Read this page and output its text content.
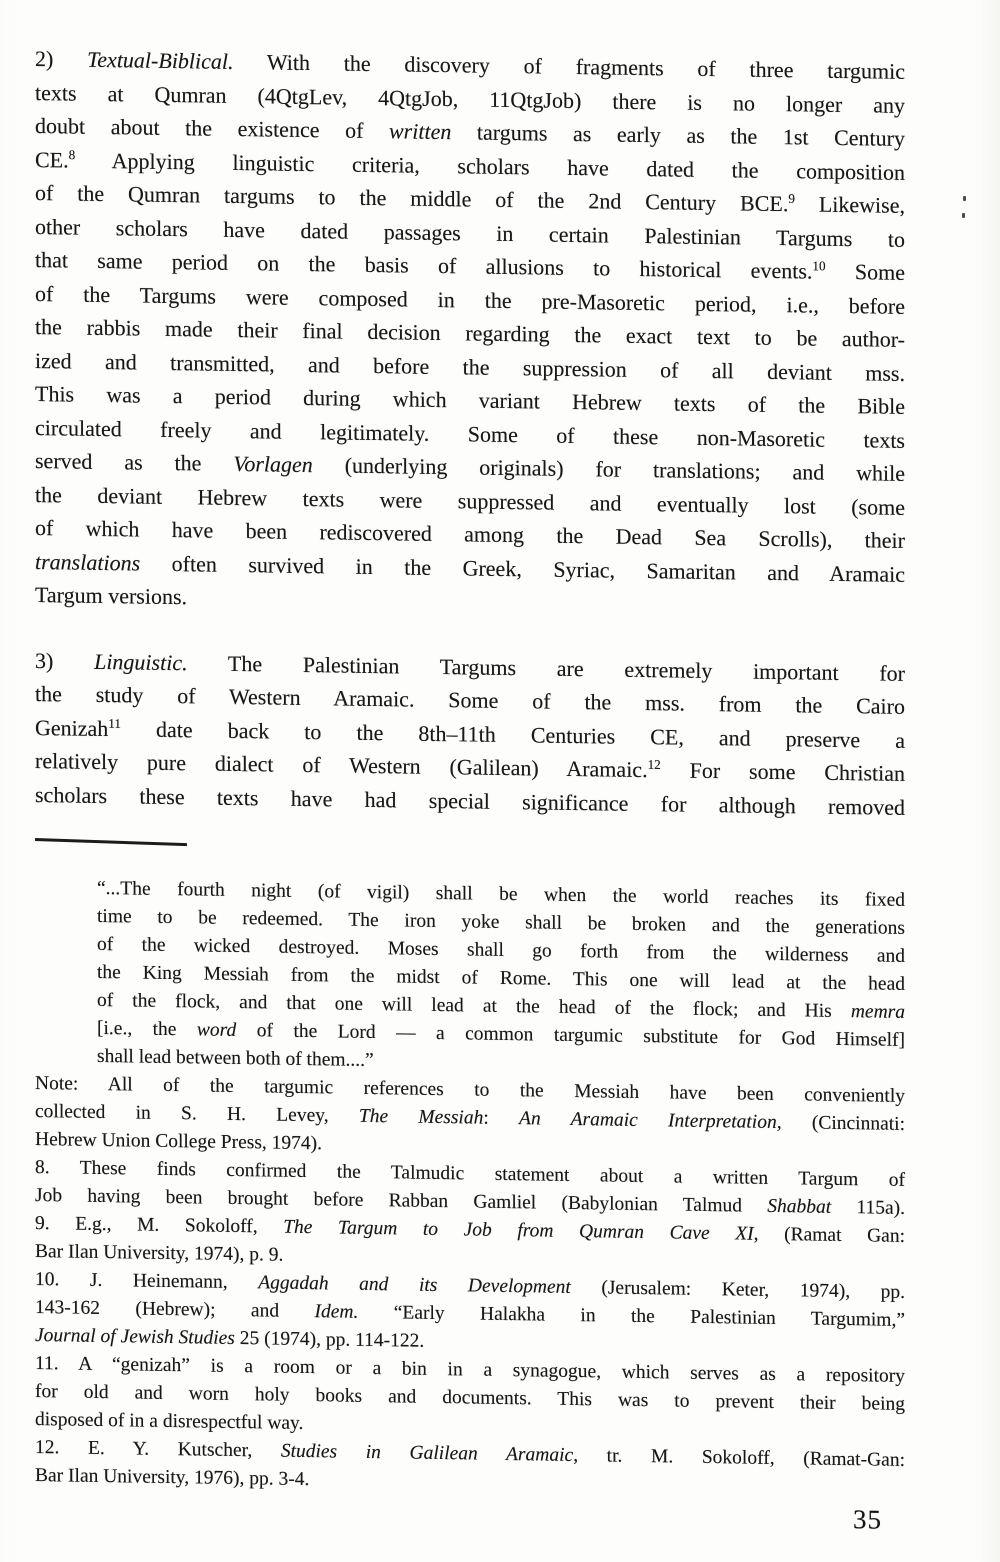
35
2) Textual-Biblical. With the discovery of fragments of three targumic
texts at Qumran (4QtgLev, 4QtgJob, 11QtgJob) there is no longer any
doubt about the existence of written targums as early as the 1st Century
CE.$^8$ Applying linguistic criteria, scholars have dated the composition
of the Qumran targums to the middle of the 2nd Century BCE.$^9$ Likewise,
other scholars have dated passages in certain Palestinian Targums to
that same period on the basis of allusions to historical events.$^{10}$ Some
of the Targums were composed in the pre-Masoretic period, i.e., before
the rabbis made their final decision regarding the exact text to be author-
ized and transmitted, and before the suppression of all deviant mss.
This was a period during which variant Hebrew texts of the Bible
circulated freely and legitimately. Some of these non-Masoretic texts
served as the Vorlagen (underlying originals) for translations; and while
the deviant Hebrew texts were suppressed and eventually lost (some
of which have been rediscovered among the Dead Sea Scrolls), their
translations often survived in the Greek, Syriac, Samaritan and Aramaic
Targum versions.
3) Linguistic. The Palestinian Targums are extremely important for
the study of Western Aramaic. Some of the mss. from the Cairo
Genizah$^{11}$ date back to the 8th–11th Centuries CE, and preserve a
relatively pure dialect of Western (Galilean) Aramaic.$^{12}$ For some Christian
scholars these texts have had special significance for although removed
“...The fourth night (of vigil) shall be when the world reaches its fixed
time to be redeemed. The iron yoke shall be broken and the generations
of the wicked destroyed. Moses shall go forth from the wilderness and
the King Messiah from the midst of Rome. This one will lead at the head
of the flock, and that one will lead at the head of the flock; and His memra
[i.e., the word of the Lord — a common targumic substitute for God Himself]
shall lead between both of them....”
Note: All of the targumic references to the Messiah have been conveniently
collected in S. H. Levey, The Messiah: An Aramaic Interpretation, (Cincinnati:
Hebrew Union College Press, 1974).
8. These finds confirmed the Talmudic statement about a written Targum of
Job having been brought before Rabban Gamliel (Babylonian Talmud Shabbat 115a).
9. E.g., M. Sokoloff, The Targum to Job from Qumran Cave XI, (Ramat Gan:
Bar Ilan University, 1974), p. 9.
10. J. Heinemann, Aggadah and its Development (Jerusalem: Keter, 1974), pp.
143-162 (Hebrew); and Idem. “Early Halakha in the Palestinian Targumim,”
Journal of Jewish Studies 25 (1974), pp. 114-122.
11. A “genizah” is a room or a bin in a synagogue, which serves as a repository
for old and worn holy books and documents. This was to prevent their being
disposed of in a disrespectful way.
12. E. Y. Kutscher, Studies in Galilean Aramaic, tr. M. Sokoloff, (Ramat-Gan:
Bar Ilan University, 1976), pp. 3-4.
